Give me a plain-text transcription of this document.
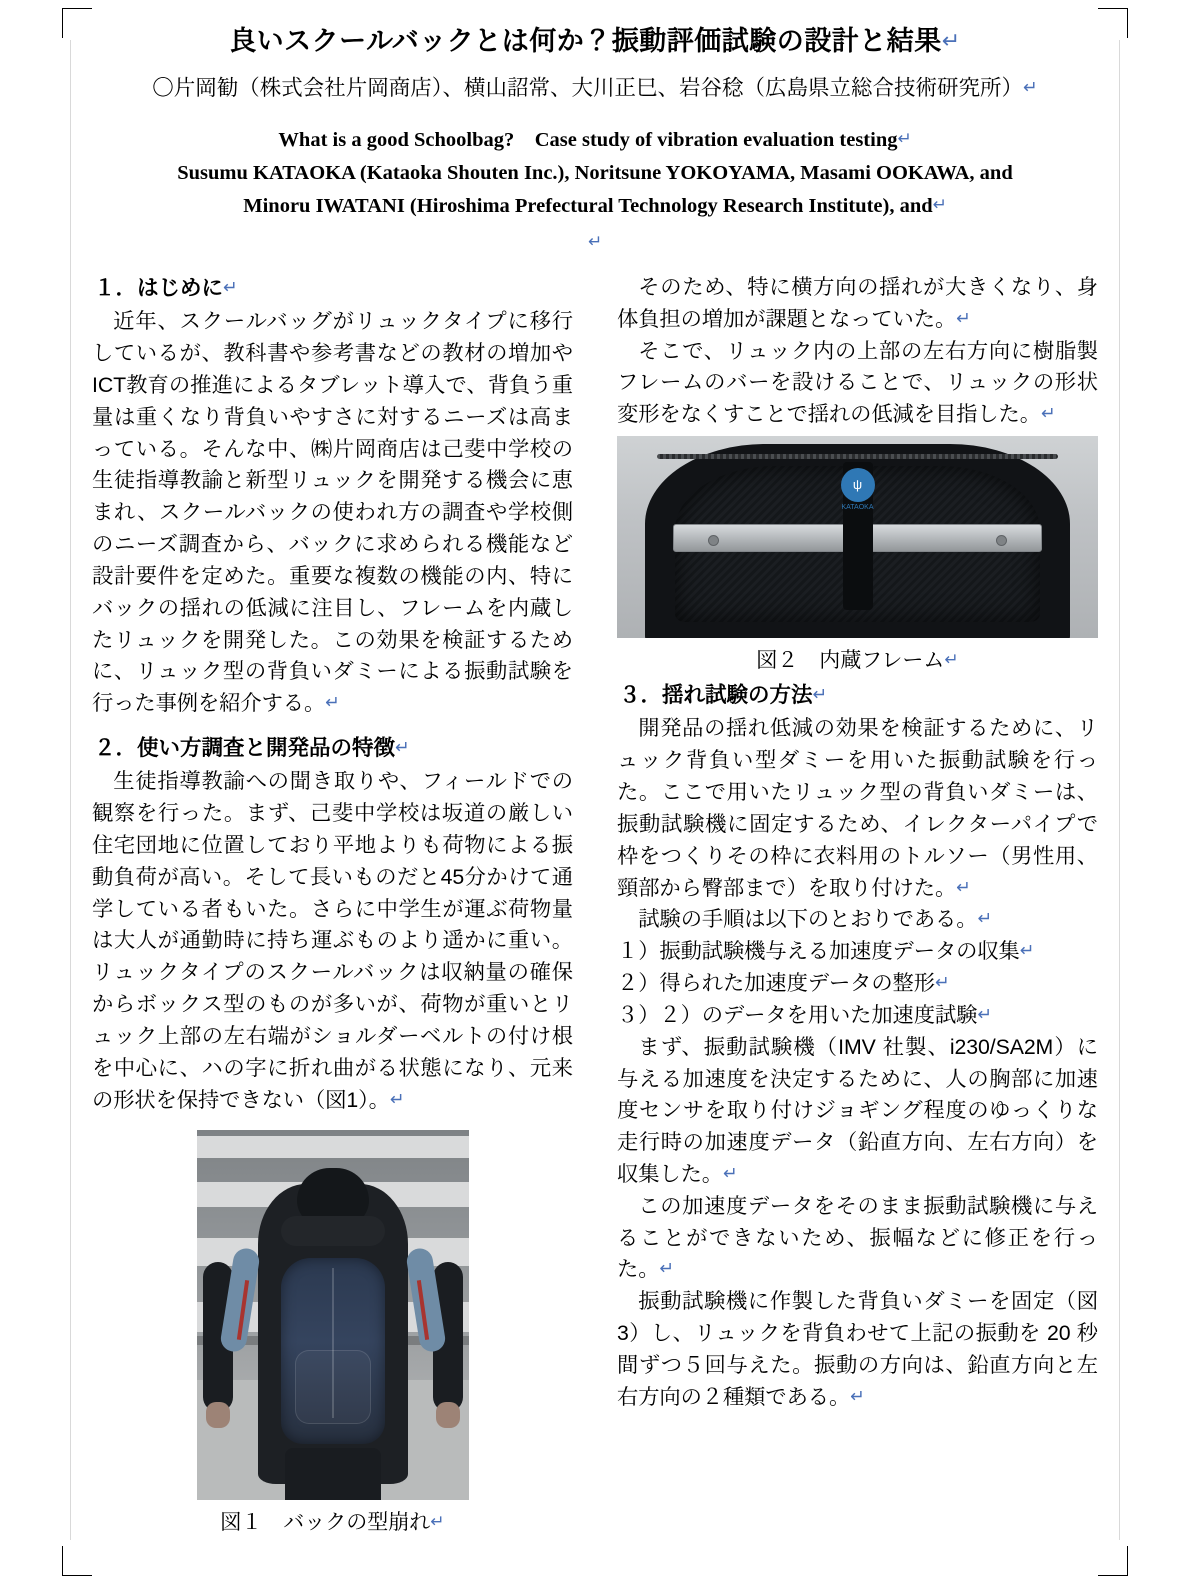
良いスクールバックとは何か？振動評価試験の設計と結果↵
〇片岡勧（株式会社片岡商店）、横山詔常、大川正巳、岩谷稔（広島県立総合技術研究所）↵
What is a good Schoolbag?　Case study of vibration evaluation testing↵
Susumu KATAOKA (Kataoka Shouten Inc.), Noritsune YOKOYAMA, Masami OOKAWA, and
Minoru IWATANI (Hiroshima Prefectural Technology Research Institute), and↵
↵
１．はじめに↵

近年、スクールバッグがリュックタイプに移行しているが、教科書や参考書などの教材の増加やICT教育の推進によるタブレット導入で、背負う重量は重くなり背負いやすさに対するニーズは高まっている。そんな中、㈱片岡商店は己斐中学校の生徒指導教諭と新型リュックを開発する機会に恵まれ、スクールバックの使われ方の調査や学校側のニーズ調査から、バックに求められる機能など設計要件を定めた。重要な複数の機能の内、特にバックの揺れの低減に注目し、フレームを内蔵したリュックを開発した。この効果を検証するために、リュック型の背負いダミーによる振動試験を行った事例を紹介する。↵

２．使い方調査と開発品の特徴↵

生徒指導教諭への聞き取りや、フィールドでの観察を行った。まず、己斐中学校は坂道の厳しい住宅団地に位置しており平地よりも荷物による振動負荷が高い。そして長いものだと45分かけて通学している者もいた。さらに中学生が運ぶ荷物量は大人が通勤時に持ち運ぶものより遥かに重い。リュックタイプのスクールバックは収納量の確保からボックス型のものが多いが、荷物が重いとリュック上部の左右端がショルダーベルトの付け根を中心に、ハの字に折れ曲がる状態になり、元来の形状を保持できない（図1）。↵

図１　バックの型崩れ↵

そのため、特に横方向の揺れが大きくなり、身体負担の増加が課題となっていた。↵

そこで、リュック内の上部の左右方向に樹脂製フレームのバーを設けることで、リュックの形状変形をなくすことで揺れの低減を目指した。↵

ψ
KATAOKA
図２　内蔵フレーム↵
３．揺れ試験の方法↵

開発品の揺れ低減の効果を検証するために、リュック背負い型ダミーを用いた振動試験を行った。ここで用いたリュック型の背負いダミーは、振動試験機に固定するため、イレクターパイプで枠をつくりその枠に衣料用のトルソー（男性用、頸部から臀部まで）を取り付けた。↵

試験の手順は以下のとおりである。↵

１）振動試験機与える加速度データの収集↵

２）得られた加速度データの整形↵

３）２）のデータを用いた加速度試験↵

まず、振動試験機（IMV 社製、i230/SA2M）に与える加速度を決定するために、人の胸部に加速度センサを取り付けジョギング程度のゆっくりな走行時の加速度データ（鉛直方向、左右方向）を収集した。↵

この加速度データをそのまま振動試験機に与えることができないため、振幅などに修正を行った。↵

振動試験機に作製した背負いダミーを固定（図3）し、リュックを背負わせて上記の振動を 20 秒間ずつ５回与えた。振動の方向は、鉛直方向と左右方向の２種類である。↵
